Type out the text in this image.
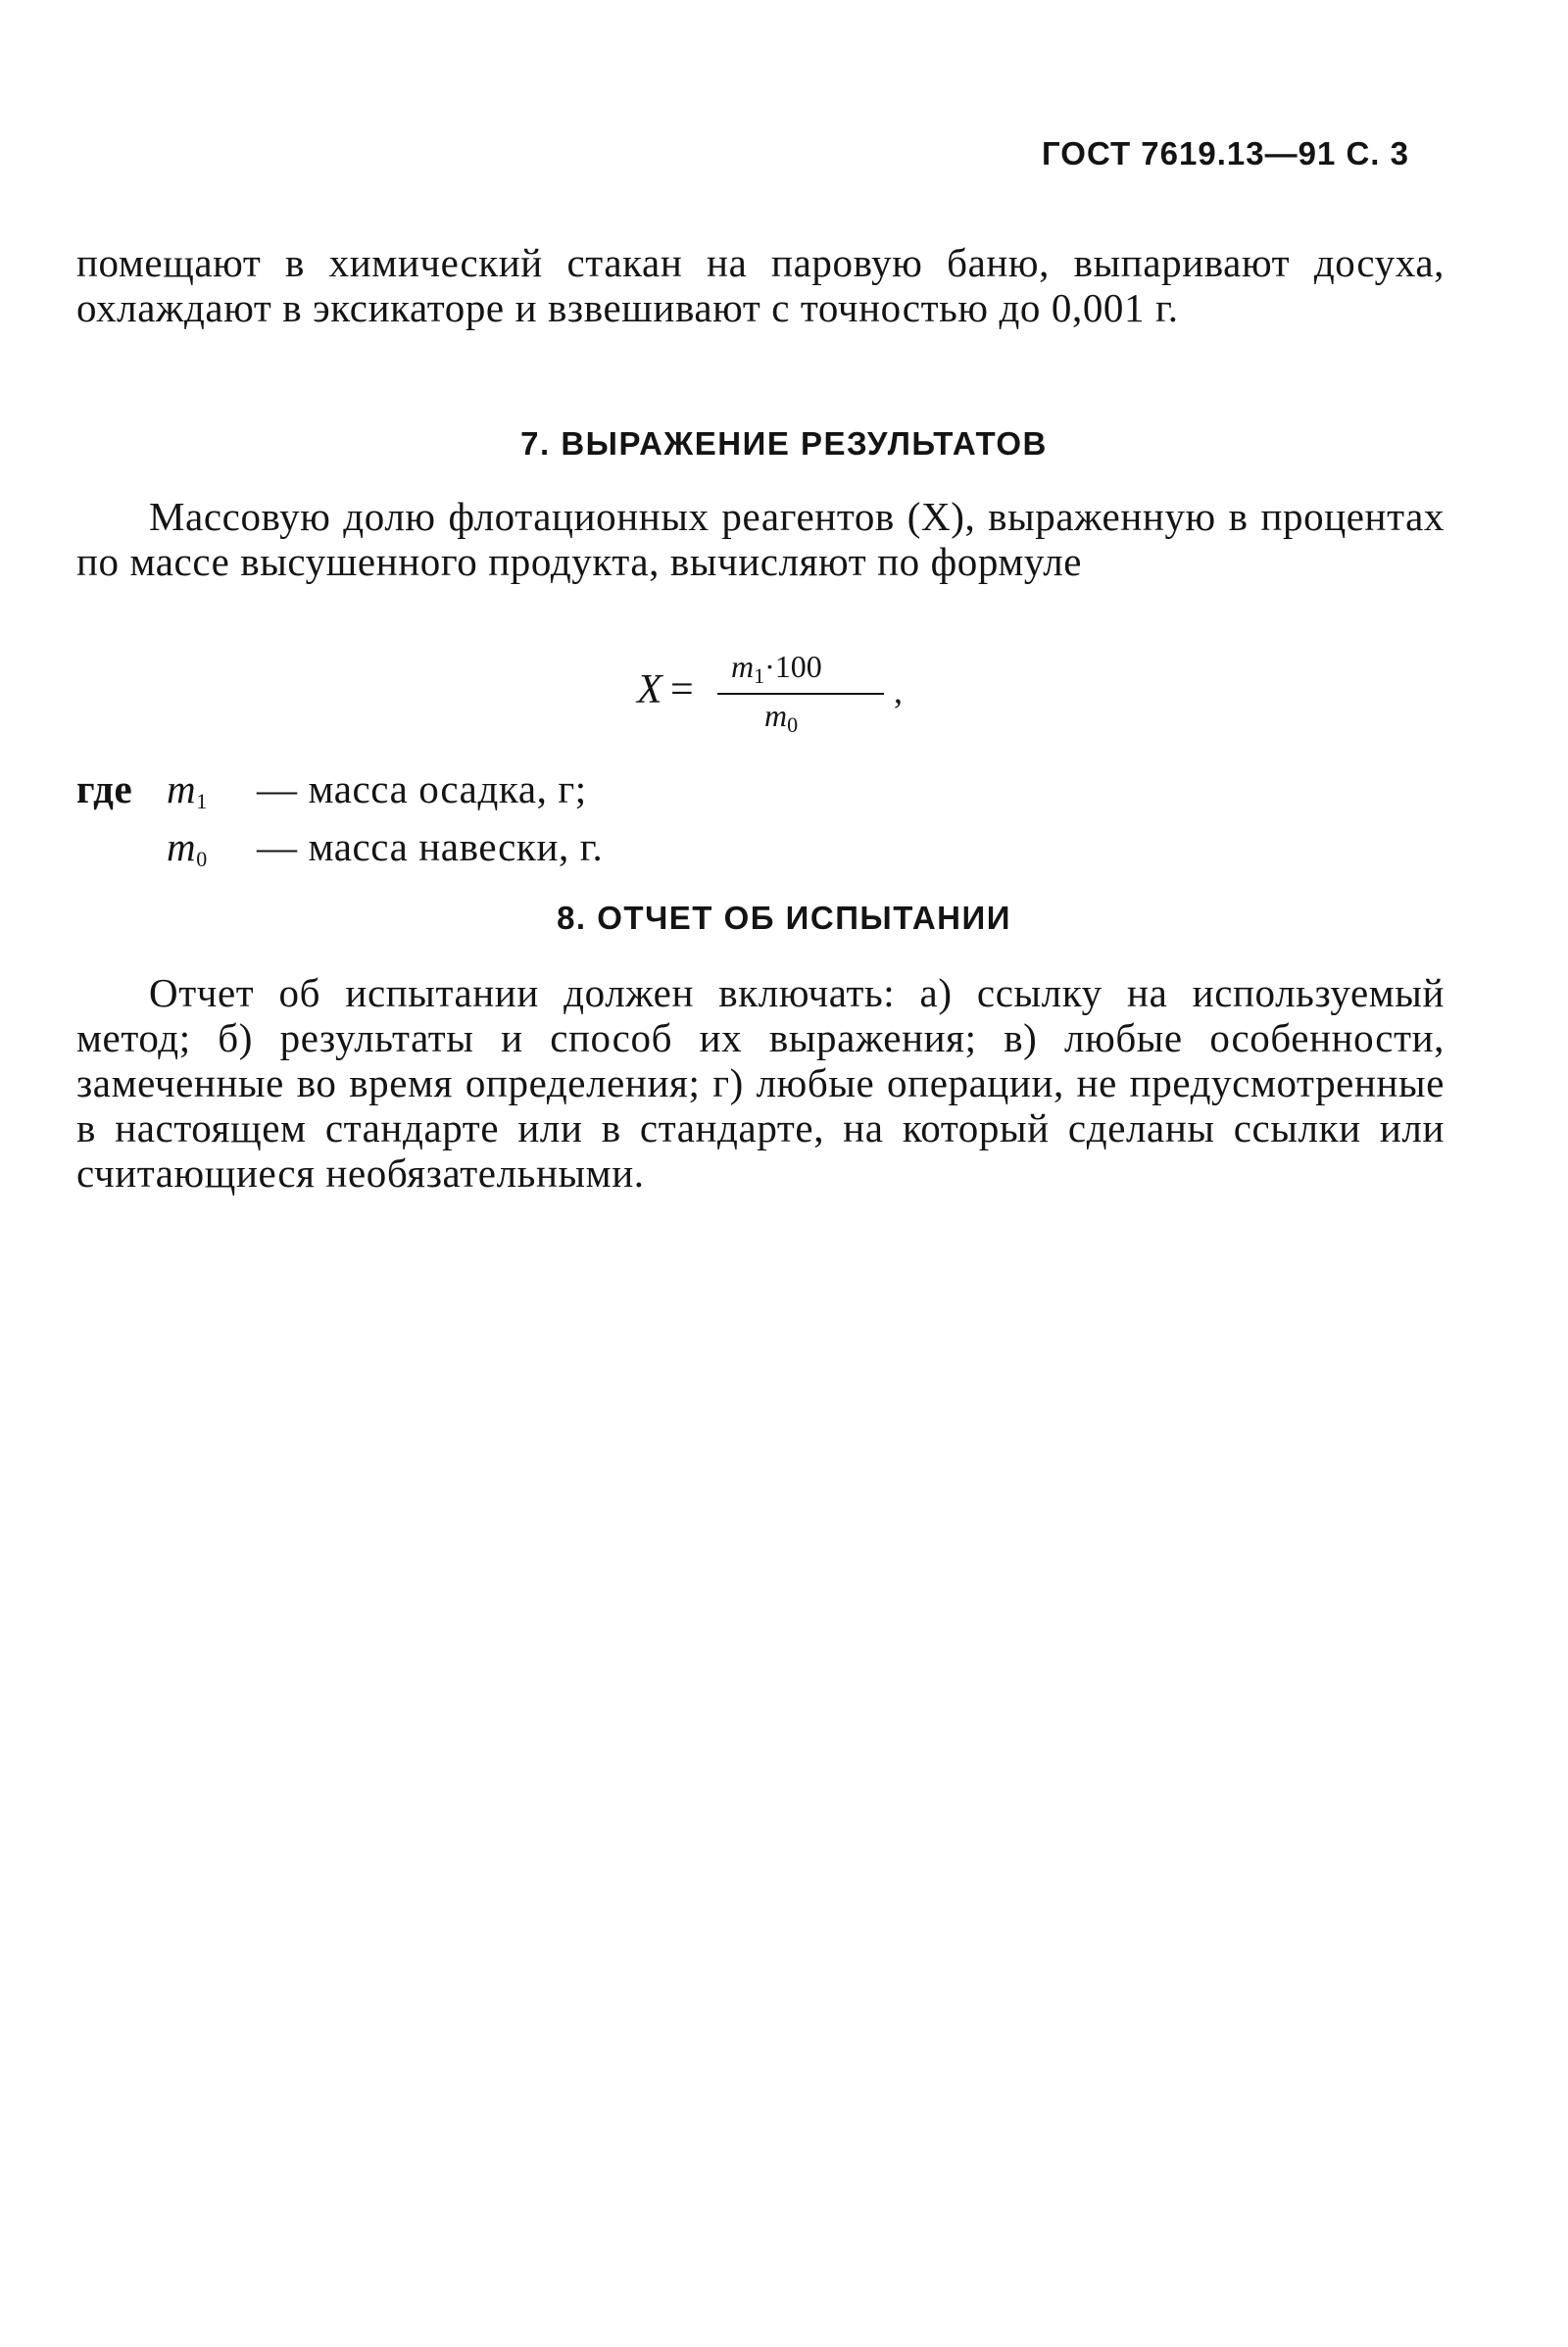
ГОСТ 7619.13—91 С. 3

помещают в химический стакан на паровую баню, выпаривают досуха, охлаждают в эксикаторе и взвешивают с точностью до 0,001 г.

7. ВЫРАЖЕНИЕ РЕЗУЛЬТАТОВ

Массовую долю флотационных реагентов (X), выраженную в процентах по массе высушенного продукта, вычисляют по формуле

X =
$m_1\cdot 100$
$m_0$
,
где $m_1$ — масса осадка, г;
$m_0$ — масса навески, г.
8. ОТЧЕТ ОБ ИСПЫТАНИИ

Отчет об испытании должен включать: а) ссылку на используемый метод; б) результаты и способ их выражения; в) любые особенности, замеченные во время определения; г) любые операции, не предусмотренные в настоящем стандарте или в стандарте, на который сделаны ссылки или считающиеся необязательными.
